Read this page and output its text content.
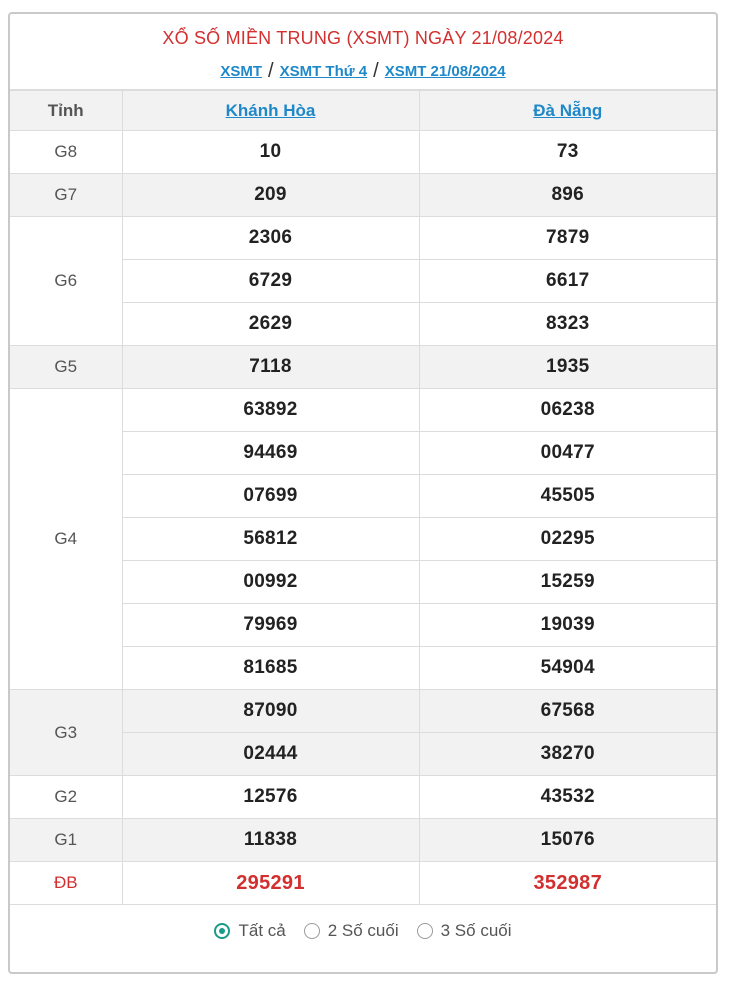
XỔ SỐ MIỀN TRUNG (XSMT) NGÀY 21/08/2024
XSMT / XSMT Thứ 4 / XSMT 21/08/2024
Tỉnh	Khánh Hòa	Đà Nẵng
G8	10	73
G7	209	896
G6	2306	7879
	6729	6617
	2629	8323
G5	7118	1935
G4	63892	06238
	94469	00477
	07699	45505
	56812	02295
	00992	15259
	79969	19039
	81685	54904
G3	87090	67568
	02444	38270
G2	12576	43532
G1	11838	15076
ĐB	295291	352987
Tất cả 2 Số cuối 3 Số cuối
